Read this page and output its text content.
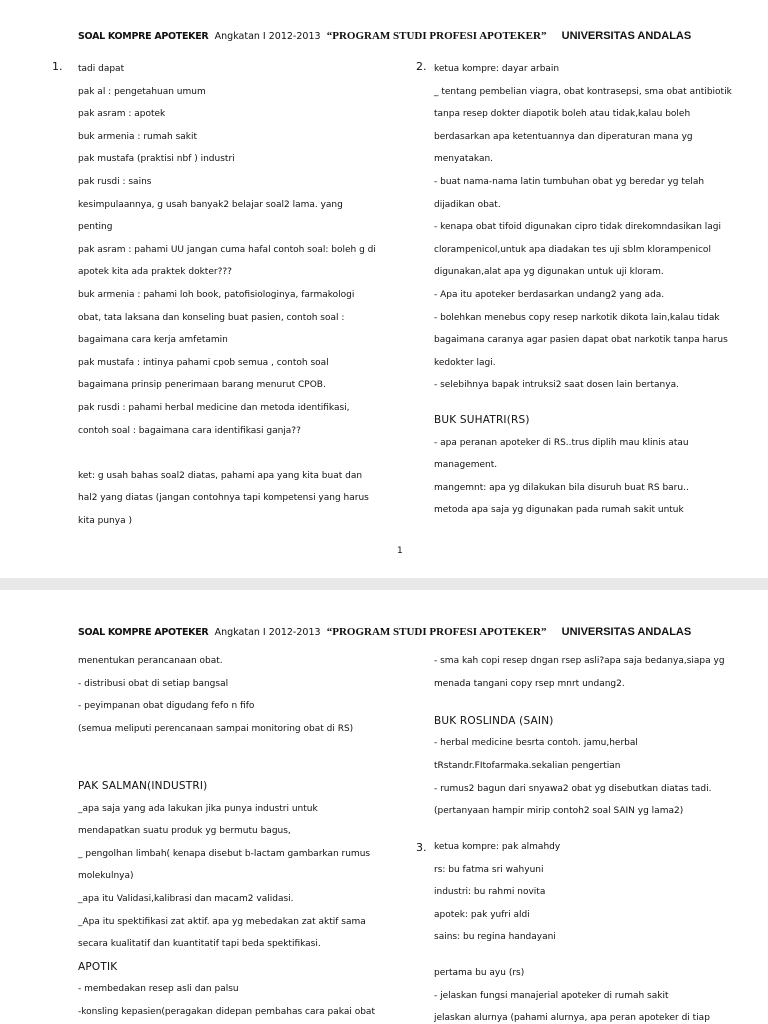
SOAL KOMPRE APOTEKER Angkatan I 2012-2013 “PROGRAM STUDI PROFESI APOTEKER” UNIVERSITAS ANDALAS
1. tadi dapat
pak al : pengetahuan umum
pak asram : apotek
buk armenia : rumah sakit
pak mustafa (praktisi nbf ) industri
pak rusdi : sains
kesimpulaannya, g usah banyak2 belajar soal2 lama. yang
penting
pak asram : pahami UU jangan cuma hafal contoh soal: boleh g di
apotek kita ada praktek dokter???
buk armenia : pahami loh book, patofisiologinya, farmakologi
obat, tata laksana dan konseling buat pasien, contoh soal :
bagaimana cara kerja amfetamin
pak mustafa : intinya pahami cpob semua , contoh soal
bagaimana prinsip penerimaan barang menurut CPOB.
pak rusdi : pahami herbal medicine dan metoda identifikasi,
contoh soal : bagaimana cara identifikasi ganja??
ket: g usah bahas soal2 diatas, pahami apa yang kita buat dan
hal2 yang diatas (jangan contohnya tapi kompetensi yang harus
kita punya )
2. ketua kompre: dayar arbain
_ tentang pembelian viagra, obat kontrasepsi, sma obat antibiotik
tanpa resep dokter diapotik boleh atau tidak,kalau boleh
berdasarkan apa ketentuannya dan diperaturan mana yg
menyatakan.
- buat nama-nama latin tumbuhan obat yg beredar yg telah
dijadikan obat.
- kenapa obat tifoid digunakan cipro tidak direkomndasikan lagi
clorampenicol,untuk apa diadakan tes uji sblm klorampenicol
digunakan,alat apa yg digunakan untuk uji kloram.
- Apa itu apoteker berdasarkan undang2 yang ada.
- bolehkan menebus copy resep narkotik dikota lain,kalau tidak
bagaimana caranya agar pasien dapat obat narkotik tanpa harus
kedokter lagi.
- selebihnya bapak intruksi2 saat dosen lain bertanya.
BUK SUHATRI(RS)
- apa peranan apoteker di RS..trus diplih mau klinis atau
management.
mangemnt: apa yg dilakukan bila disuruh buat RS baru..
metoda apa saja yg digunakan pada rumah sakit untuk
1
SOAL KOMPRE APOTEKER Angkatan I 2012-2013 “PROGRAM STUDI PROFESI APOTEKER” UNIVERSITAS ANDALAS
menentukan perancanaan obat.
- distribusi obat di setiap bangsal
- peyimpanan obat digudang fefo n fifo
(semua meliputi perencanaan sampai monitoring obat di RS)
PAK SALMAN(INDUSTRI)
_apa saja yang ada lakukan jika punya industri untuk
mendapatkan suatu produk yg bermutu bagus,
_ pengolhan limbah( kenapa disebut b-lactam gambarkan rumus
molekulnya)
_apa itu Validasi,kalibrasi dan macam2 validasi.
_Apa itu spektifikasi zat aktif. apa yg mebedakan zat aktif sama
secara kualitatif dan kuantitatif tapi beda spektifikasi.
APOTIK
- membedakan resep asli dan palsu
-konsling kepasien(peragakan didepan pembahas cara pakai obat
- sma kah copi resep dngan rsep asli?apa saja bedanya,siapa yg
menada tangani copy rsep mnrt undang2.
BUK ROSLINDA (SAIN)
- herbal medicine besrta contoh. jamu,herbal
tRstandr.FItofarmaka.sekalian pengertian
- rumus2 bagun dari snyawa2 obat yg disebutkan diatas tadi.
(pertanyaan hampir mirip contoh2 soal SAIN yg lama2)
3. ketua kompre: pak almahdy
rs: bu fatma sri wahyuni
industri: bu rahmi novita
apotek: pak yufri aldi
sains: bu regina handayani
pertama bu ayu (rs)
- jelaskan fungsi manajerial apoteker di rumah sakit
jelaskan alurnya (pahami alurnya, apa peran apoteker di tiap
